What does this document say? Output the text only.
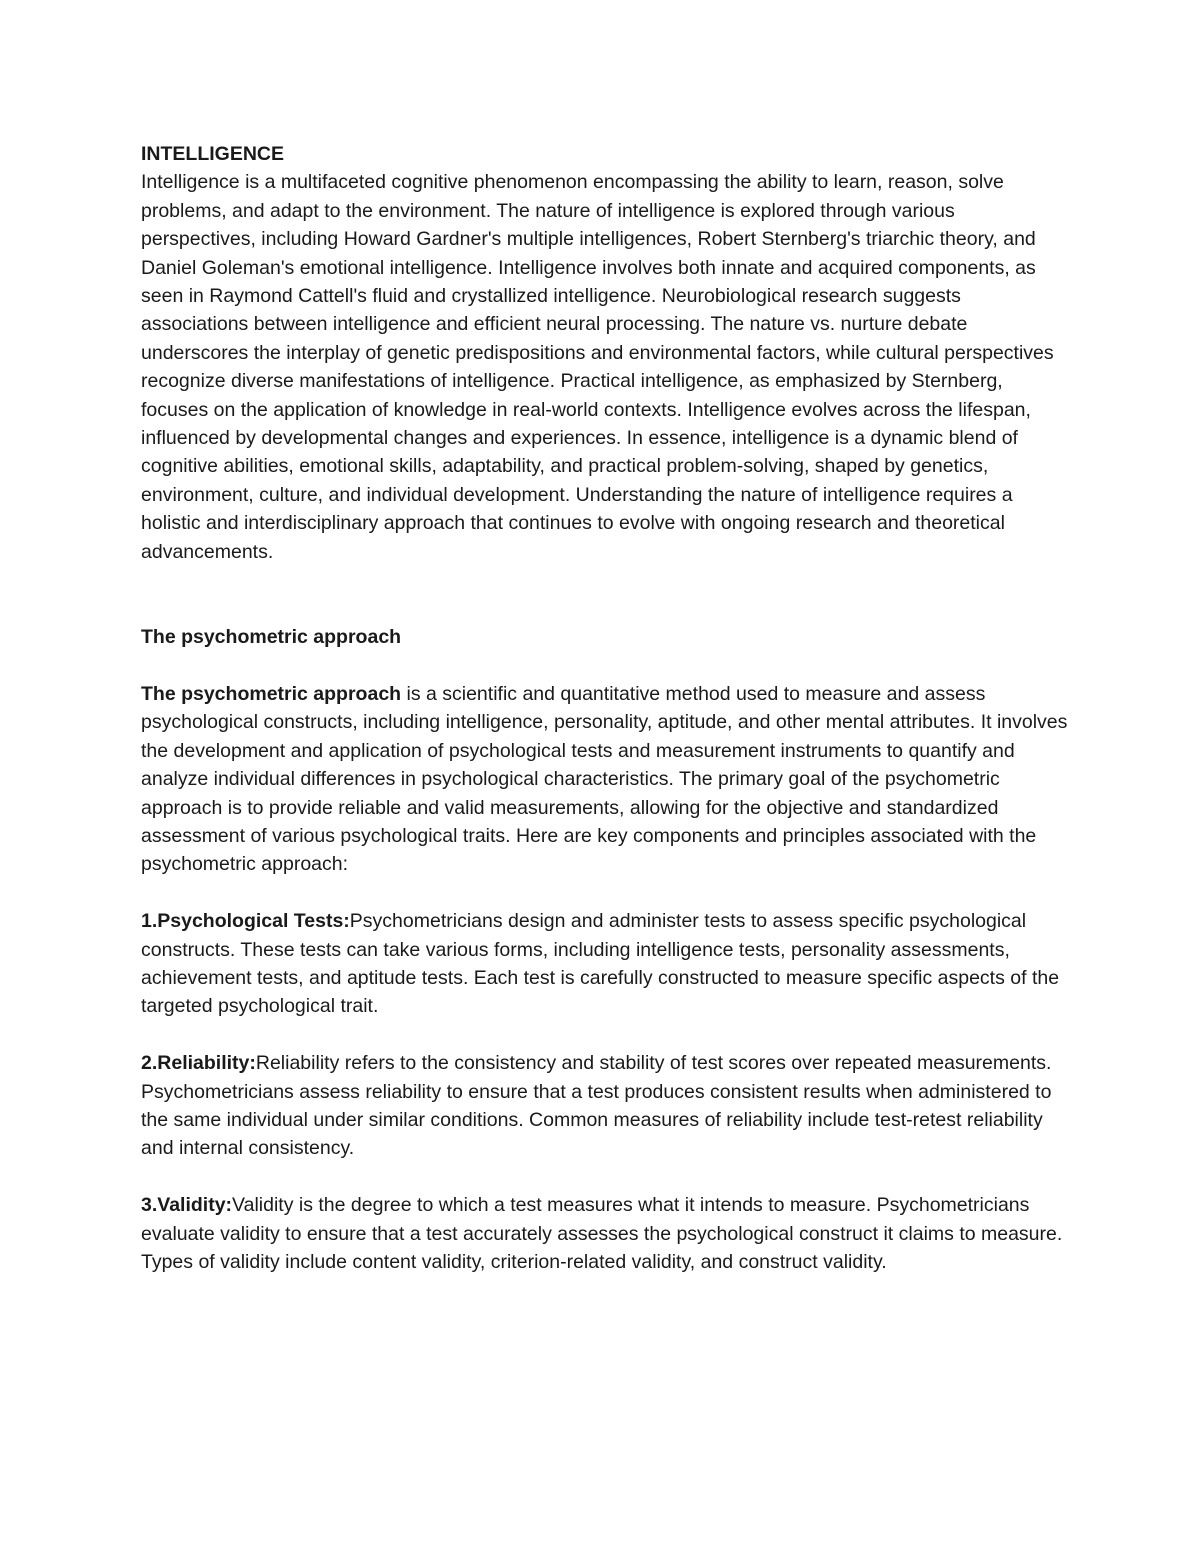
INTELLIGENCE

Intelligence is a multifaceted cognitive phenomenon encompassing the ability to learn, reason, solve problems, and adapt to the environment. The nature of intelligence is explored through various perspectives, including Howard Gardner's multiple intelligences, Robert Sternberg's triarchic theory, and Daniel Goleman's emotional intelligence. Intelligence involves both innate and acquired components, as seen in Raymond Cattell's fluid and crystallized intelligence. Neurobiological research suggests associations between intelligence and efficient neural processing. The nature vs. nurture debate underscores the interplay of genetic predispositions and environmental factors, while cultural perspectives recognize diverse manifestations of intelligence. Practical intelligence, as emphasized by Sternberg, focuses on the application of knowledge in real-world contexts. Intelligence evolves across the lifespan, influenced by developmental changes and experiences. In essence, intelligence is a dynamic blend of cognitive abilities, emotional skills, adaptability, and practical problem-solving, shaped by genetics, environment, culture, and individual development. Understanding the nature of intelligence requires a holistic and interdisciplinary approach that continues to evolve with ongoing research and theoretical advancements.

The psychometric approach

The psychometric approach is a scientific and quantitative method used to measure and assess psychological constructs, including intelligence, personality, aptitude, and other mental attributes. It involves the development and application of psychological tests and measurement instruments to quantify and analyze individual differences in psychological characteristics. The primary goal of the psychometric approach is to provide reliable and valid measurements, allowing for the objective and standardized assessment of various psychological traits. Here are key components and principles associated with the psychometric approach:

1.Psychological Tests:Psychometricians design and administer tests to assess specific psychological constructs. These tests can take various forms, including intelligence tests, personality assessments, achievement tests, and aptitude tests. Each test is carefully constructed to measure specific aspects of the targeted psychological trait.

2.Reliability:Reliability refers to the consistency and stability of test scores over repeated measurements. Psychometricians assess reliability to ensure that a test produces consistent results when administered to the same individual under similar conditions. Common measures of reliability include test-retest reliability and internal consistency.

3.Validity:Validity is the degree to which a test measures what it intends to measure. Psychometricians evaluate validity to ensure that a test accurately assesses the psychological construct it claims to measure. Types of validity include content validity, criterion-related validity, and construct validity.
